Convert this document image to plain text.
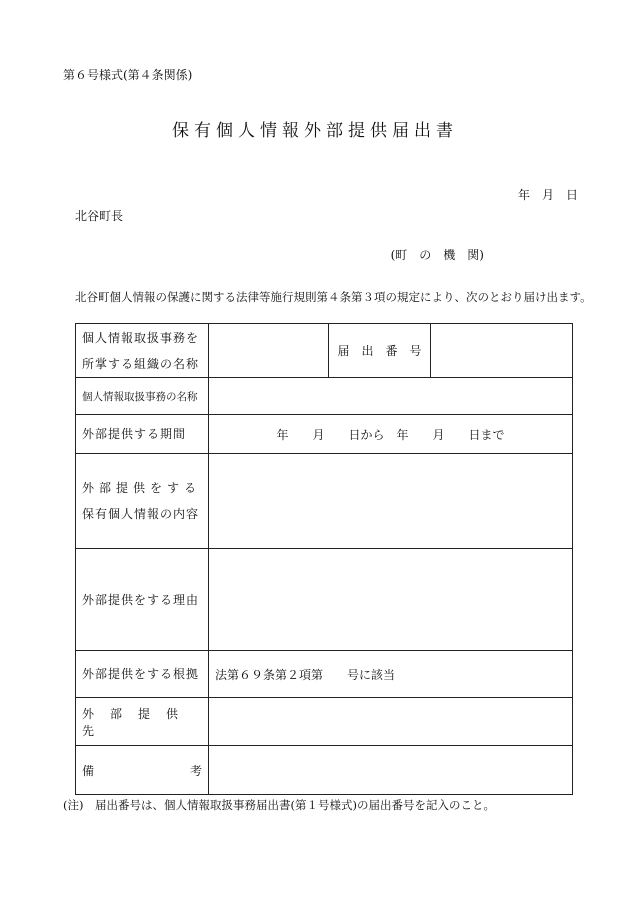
第６号様式(第４条関係)
保有個人情報外部提供届出書
年　月　日
北谷町長
(町　の　機　関)
北谷町個人情報の保護に関する法律等施行規則第４条第３項の規定により、次のとおり届け出ます。
個人情報取扱事務を
所掌する組織の名称		届　出　番　号	
個人情報取扱事務の名称			
外部提供する期間	年　　月　　日から　年　　月　　日まで		

外部提供をする
保有個人情報の内容			

外部提供をする理由			
外部提供をする根拠	法第６９条第２項第　　号に該当		
外部提供先			

備 考			

(注)　届出番号は、個人情報取扱事務届出書(第１号様式)の届出番号を記入のこと。
